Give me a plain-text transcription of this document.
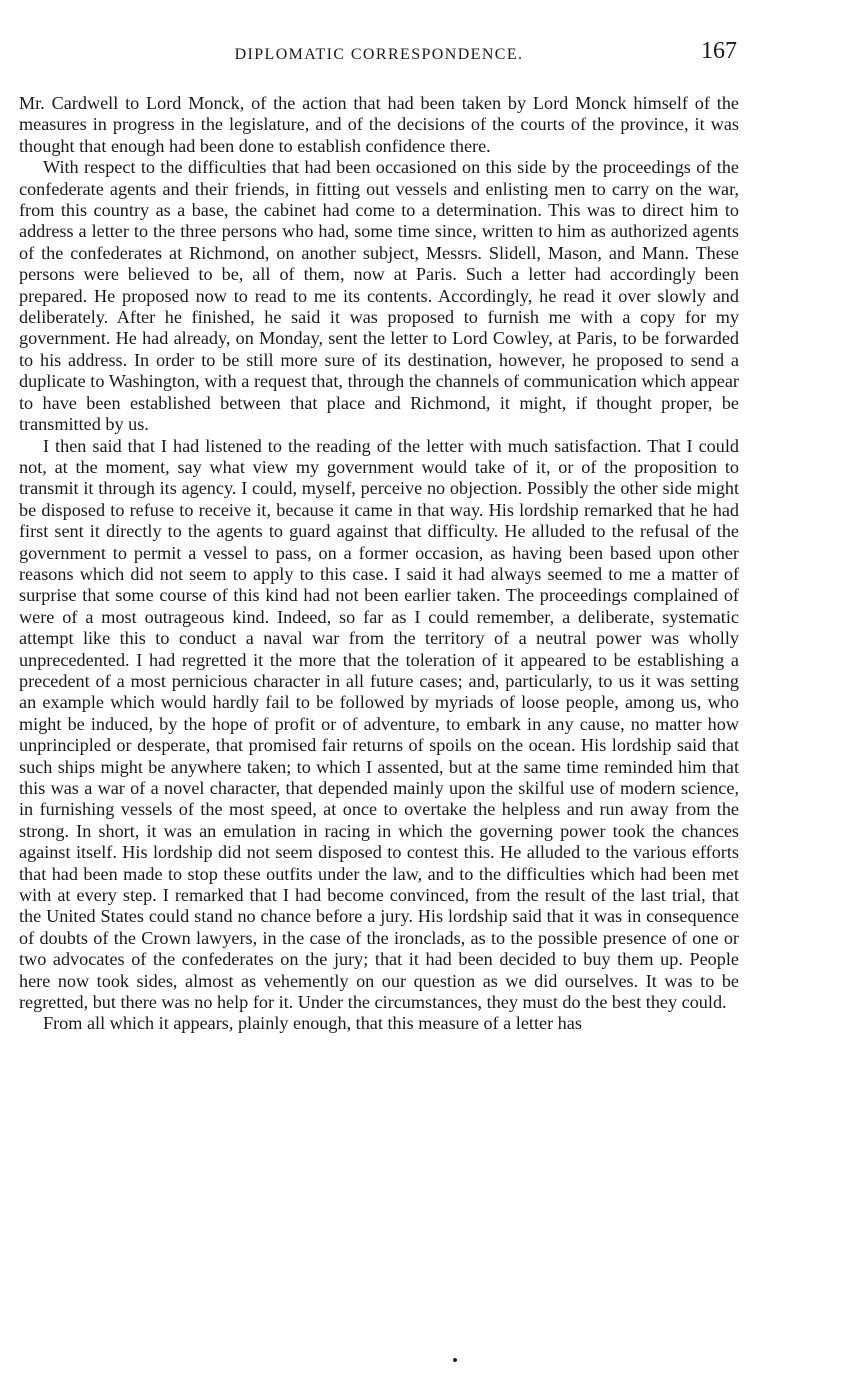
DIPLOMATIC CORRESPONDENCE.	167

Mr. Cardwell to Lord Monck, of the action that had been taken by Lord Monck himself of the measures in progress in the legislature, and of the decisions of the courts of the province, it was thought that enough had been done to establish confidence there.

With respect to the difficulties that had been occasioned on this side by the proceedings of the confederate agents and their friends, in fitting out vessels and enlisting men to carry on the war, from this country as a base, the cabinet had come to a determination. This was to direct him to address a letter to the three persons who had, some time since, written to him as authorized agents of the confederates at Richmond, on another subject, Messrs. Slidell, Mason, and Mann. These persons were believed to be, all of them, now at Paris. Such a letter had accordingly been prepared. He proposed now to read to me its contents. Accordingly, he read it over slowly and deliberately. After he finished, he said it was proposed to furnish me with a copy for my government. He had already, on Monday, sent the letter to Lord Cowley, at Paris, to be forwarded to his address. In order to be still more sure of its destination, however, he proposed to send a duplicate to Washington, with a request that, through the channels of communication which appear to have been established between that place and Richmond, it might, if thought proper, be transmitted by us.

I then said that I had listened to the reading of the letter with much satisfaction. That I could not, at the moment, say what view my government would take of it, or of the proposition to transmit it through its agency. I could, myself, perceive no objection. Possibly the other side might be disposed to refuse to receive it, because it came in that way. His lordship remarked that he had first sent it directly to the agents to guard against that difficulty. He alluded to the refusal of the government to permit a vessel to pass, on a former occasion, as having been based upon other reasons which did not seem to apply to this case. I said it had always seemed to me a matter of surprise that some course of this kind had not been earlier taken. The proceedings complained of were of a most outrageous kind. Indeed, so far as I could remember, a deliberate, systematic attempt like this to conduct a naval war from the territory of a neutral power was wholly unprecedented. I had regretted it the more that the toleration of it appeared to be establishing a precedent of a most pernicious character in all future cases; and, particularly, to us it was setting an example which would hardly fail to be followed by myriads of loose people, among us, who might be induced, by the hope of profit or of adventure, to embark in any cause, no matter how unprincipled or desperate, that promised fair returns of spoils on the ocean. His lordship said that such ships might be anywhere taken; to which I assented, but at the same time reminded him that this was a war of a novel character, that depended mainly upon the skilful use of modern science, in furnishing vessels of the most speed, at once to overtake the helpless and run away from the strong. In short, it was an emulation in racing in which the governing power took the chances against itself. His lordship did not seem disposed to contest this. He alluded to the various efforts that had been made to stop these outfits under the law, and to the difficulties which had been met with at every step. I remarked that I had become convinced, from the result of the last trial, that the United States could stand no chance before a jury. His lordship said that it was in consequence of doubts of the Crown lawyers, in the case of the ironclads, as to the possible presence of one or two advocates of the confederates on the jury; that it had been decided to buy them up. People here now took sides, almost as vehemently on our question as we did ourselves. It was to be regretted, but there was no help for it. Under the circumstances, they must do the best they could.

From all which it appears, plainly enough, that this measure of a letter has
